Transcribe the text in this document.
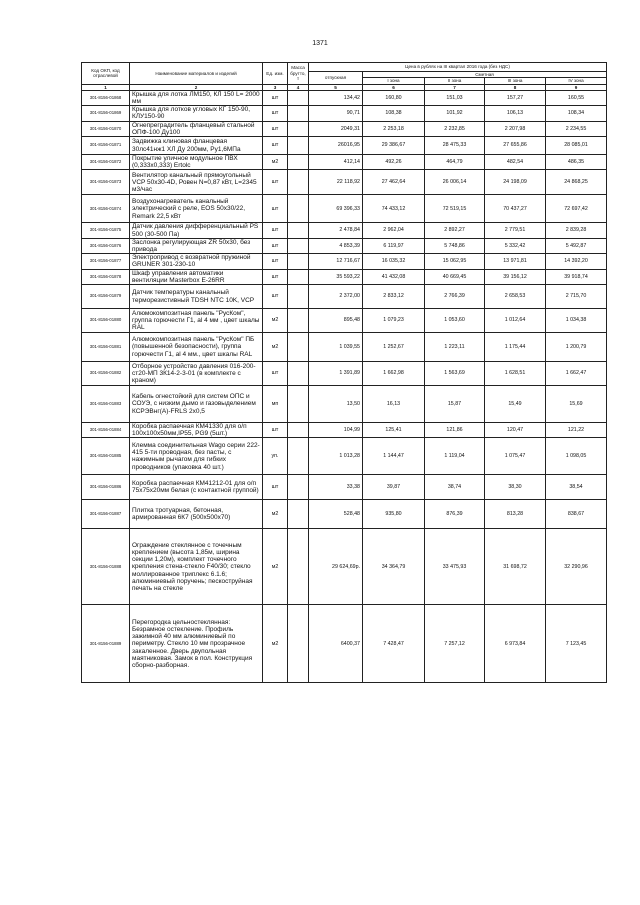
1371
Код ОКП, код отраслевой	Наименование материалов и изделий	Ед. изм.	Масса брутто, т	Цена в рублях на III квартал 2016 года (без НДС)				
				отпускная	Сметная			
					I зона	II зона	III зона	IV зона
1	2	3	4	5	6	7	8	9
301-8156-01868	Крышка для лотка ЛМ150, КЛ 150 L= 2000 мм	шт		134,42	160,80	151,03	157,27	160,55
301-8156-01869	Крышка для лотков угловых КГ 150-90, КЛУ150-90	шт		90,71	108,38	101,92	106,13	108,34
301-8156-01870	Огнепреградитель фланцевый стальной ОПФ-100 Ду100	шт		2049,31	2 253,18	2 232,85	2 207,98	2 234,55
301-8156-01871	Задвижка клиновая фланцевая 30лс41нж1 ХЛ Ду 200мм, Ру1,6МПа	шт		26016,95	29 386,67	28 475,33	27 655,86	28 085,01
301-8156-01872	Покрытие уличное модульное ПВХ (0,333х0,333) Ertolc	м2		412,14	492,26	464,79	482,54	486,35
301-8156-01873	Вентилятор канальный прямоугольный VCP 50х30-4D, Ровен N=0,87 кВт, L=2345 м3/час	шт		22 118,92	27 462,64	26 006,14	24 198,09	24 868,25
301-8156-01874	Воздухонагреватель канальный электрический с реле, EOS 50х30/22, Remark 22,5 кВт	шт		69 396,33	74 433,12	72 519,15	70 437,27	72 697,42
301-8156-01875	Датчик давления дифференциальный PS 500 (30-500 Па)	шт		2 478,84	2 962,04	2 892,27	2 779,51	2 839,28
301-8156-01876	Заслонка регулирующая ZR 50х30, без привода	шт		4 853,39	6 119,97	5 748,86	5 332,42	5 492,87
301-8156-01877	Электропривод с возвратной пружиной GRUNER 301-230-10	шт		12 716,67	16 035,32	15 062,95	13 971,81	14 392,20
301-8156-01878	Шкаф управления автоматики вентиляции Masterbox E-26RR	шт		35 593,22	41 432,08	40 669,45	39 156,12	39 918,74
301-8156-01879	Датчик температуры канальный терморезистивный TDSH NTC 10K, VCP	шт		2 372,00	2 833,12	2 766,39	2 658,53	2 715,70
301-8156-01880	Алюмокомпозитная панель "РусКом", группа горючести Г1, al 4 мм , цвет шкалы RAL	м2		895,48	1 079,23	1 053,60	1 012,64	1 034,38
301-8156-01881	Алюмокомпозитная панель "РусКом" ПБ (повышенной безопасности), группа горючести Г1, al 4 мм., цвет шкалы RAL	м2		1 039,55	1 252,67	1 223,11	1 175,44	1 200,79
301-8156-01882	Отборное устройство давления 016-200-ст20-МП 3К14-2-3-01 (в комплекте с краном)	шт		1 391,89	1 662,98	1 563,69	1 628,51	1 662,47
301-8156-01883	Кабель огнестойкий для систем ОПС и СОУЭ, с низким дымо и газовыделением КСРЭВнг(А)-FRLS 2х0,5	мп		13,50	16,13	15,87	15,49	15,69
301-8156-01884	Коробка распаечная КМ41330 для о/п 100х100х50мм,IP55, PG9 (5шт.)	шт		104,99	125,41	121,86	120,47	121,22
301-8156-01885	Клемма соединительная Wago серии 222-415 5-ти проводная, без пасты, с нажимным рычагом для гибких проводников (упаковка 40 шт.)	уп.		1 013,28	1 144,47	1 119,04	1 075,47	1 098,05
301-8156-01886	Коробка распаечная КМ41212-01 для о/п 75х75х20мм белая (с контактной группой)	шт		33,38	39,87	38,74	38,30	38,54
301-8156-01887	Плитка тротуарная, бетонная, армированная 6К7 (500х500х70)	м2		528,48	935,80	876,39	813,28	838,67
301-8156-01888	Ограждение стеклянное с точечным креплением (высота 1,85м, ширина секции 1,20м), комплект точечного крепления стена-стекло F40/30; стекло моллированное триплекс 6.1.6; алюминиевый поручень; пескоструйная печать на стекле	м2		29 624,69р.	34 364,79	33 475,93	31 698,72	32 290,96
301-8156-01889	Перегородка цельностеклянная: Безрамное остекление. Профиль зажимной 40 мм алюминиевый по периметру. Стекло 10 мм прозрачное закаленное. Дверь двупольная маятниковая. Замок в пол. Конструкция сборно-разборная.	м2		6400,37	7 428,47	7 257,12	6 973,84	7 123,45
